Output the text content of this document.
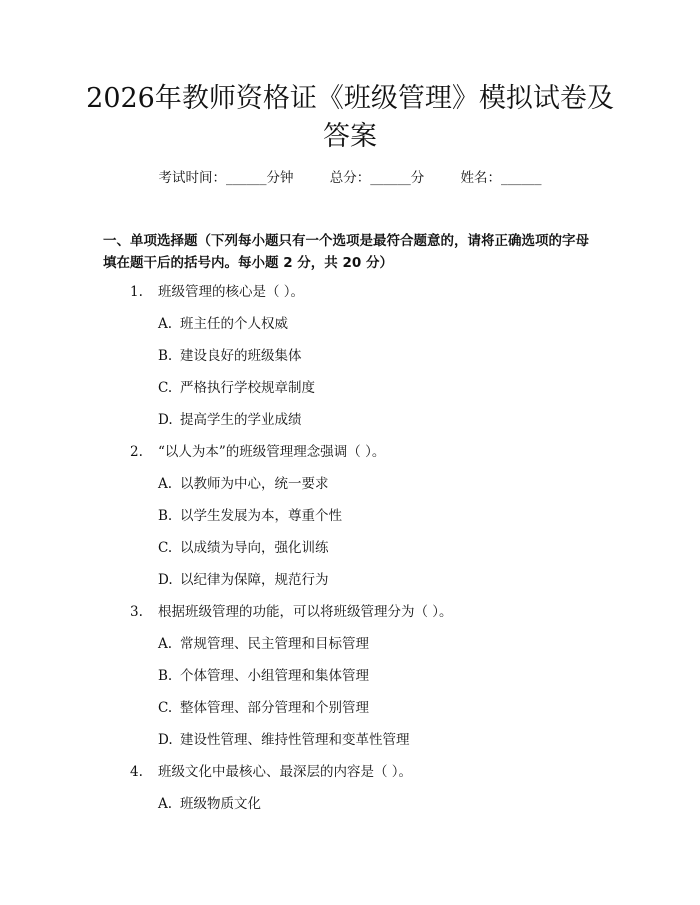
2026年教师资格证《班级管理》模拟试卷及答案
考试时间：______分钟	总分：______分	姓名：______

一、单项选择题（下列每小题只有一个选项是最符合题意的，请将正确选项的字母填在题干后的括号内。每小题 2 分，共 20 分）

1. 班级管理的核心是（ ）。
A. 班主任的个人权威
B. 建设良好的班级集体
C. 严格执行学校规章制度
D. 提高学生的学业成绩
2. “以人为本”的班级管理理念强调（ ）。
A. 以教师为中心，统一要求
B. 以学生发展为本，尊重个性
C. 以成绩为导向，强化训练
D. 以纪律为保障，规范行为
3. 根据班级管理的功能，可以将班级管理分为（ ）。
A. 常规管理、民主管理和目标管理
B. 个体管理、小组管理和集体管理
C. 整体管理、部分管理和个别管理
D. 建设性管理、维持性管理和变革性管理
4. 班级文化中最核心、最深层的内容是（ ）。
A. 班级物质文化
